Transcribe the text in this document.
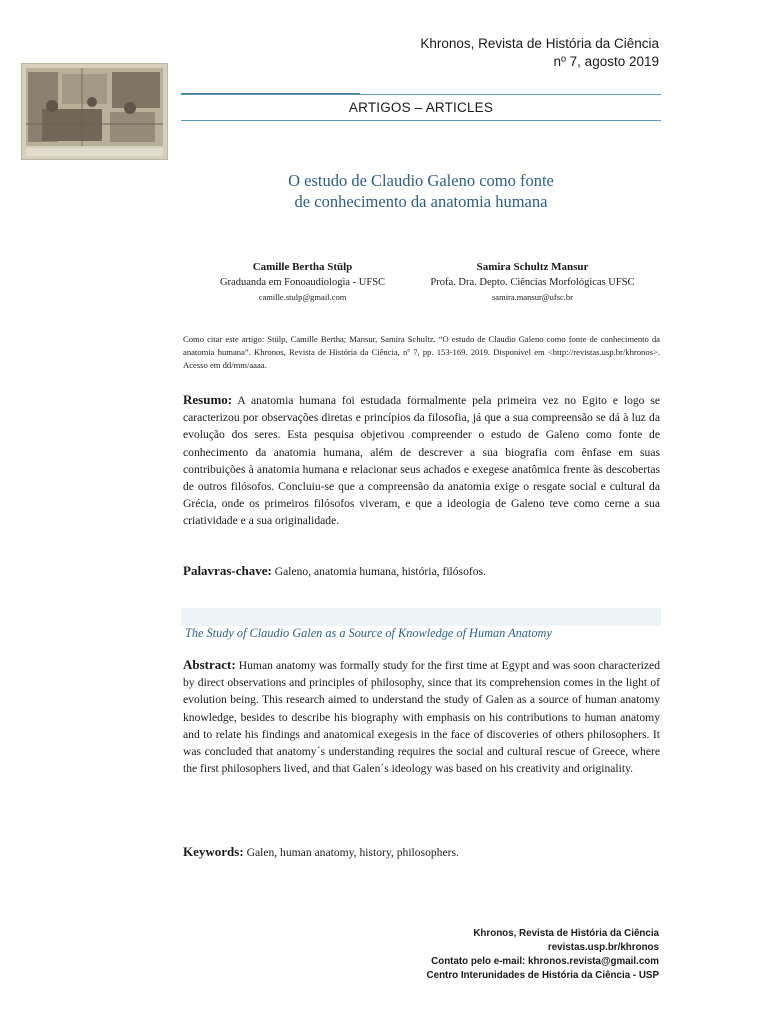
Khronos, Revista de História da Ciência
nº 7, agosto 2019
ARTIGOS – ARTICLES
O estudo de Claudio Galeno como fonte
de conhecimento da anatomia humana
Camille Bertha Stülp
Graduanda em Fonoaudiologia - UFSC
camille.stulp@gmail.com
Samira Schultz Mansur
Profa. Dra. Depto. Ciências Morfológicas UFSC
samira.mansur@ufsc.br
Como citar este artigo: Stülp, Camille Bertha; Mansur, Samira Schultz. “O estudo de Claudio Galeno como fonte de conhecimento da anatomia humana”. Khronos, Revista de História da Ciência, nº 7, pp. 153-169. 2019. Disponível em <http://revistas.usp.br/khronos>. Acesso em dd/mm/aaaa.
Resumo: A anatomia humana foi estudada formalmente pela primeira vez no Egito e logo se caracterizou por observações diretas e princípios da filosofia, já que a sua compreensão se dá à luz da evolução dos seres. Esta pesquisa objetivou compreender o estudo de Galeno como fonte de conhecimento da anatomia humana, além de descrever a sua biografia com ênfase em suas contribuições à anatomia humana e relacionar seus achados e exegese anatômica frente às descobertas de outros filósofos. Concluiu-se que a compreensão da anatomia exige o resgate social e cultural da Grécia, onde os primeiros filósofos viveram, e que a ideologia de Galeno teve como cerne a sua criatividade e a sua originalidade.
Palavras-chave: Galeno, anatomia humana, história, filósofos.
The Study of Claudio Galen as a Source of Knowledge of Human Anatomy
Abstract: Human anatomy was formally study for the first time at Egypt and was soon characterized by direct observations and principles of philosophy, since that its comprehension comes in the light of evolution being. This research aimed to understand the study of Galen as a source of human anatomy knowledge, besides to describe his biography with emphasis on his contributions to human anatomy and to relate his findings and anatomical exegesis in the face of discoveries of others philosophers. It was concluded that anatomy´s understanding requires the social and cultural rescue of Greece, where the first philosophers lived, and that Galen´s ideology was based on his creativity and originality.
Keywords: Galen, human anatomy, history, philosophers.
Khronos, Revista de História da Ciência
revistas.usp.br/khronos
Contato pelo e-mail: khronos.revista@gmail.com
Centro Interunidades de História da Ciência - USP
